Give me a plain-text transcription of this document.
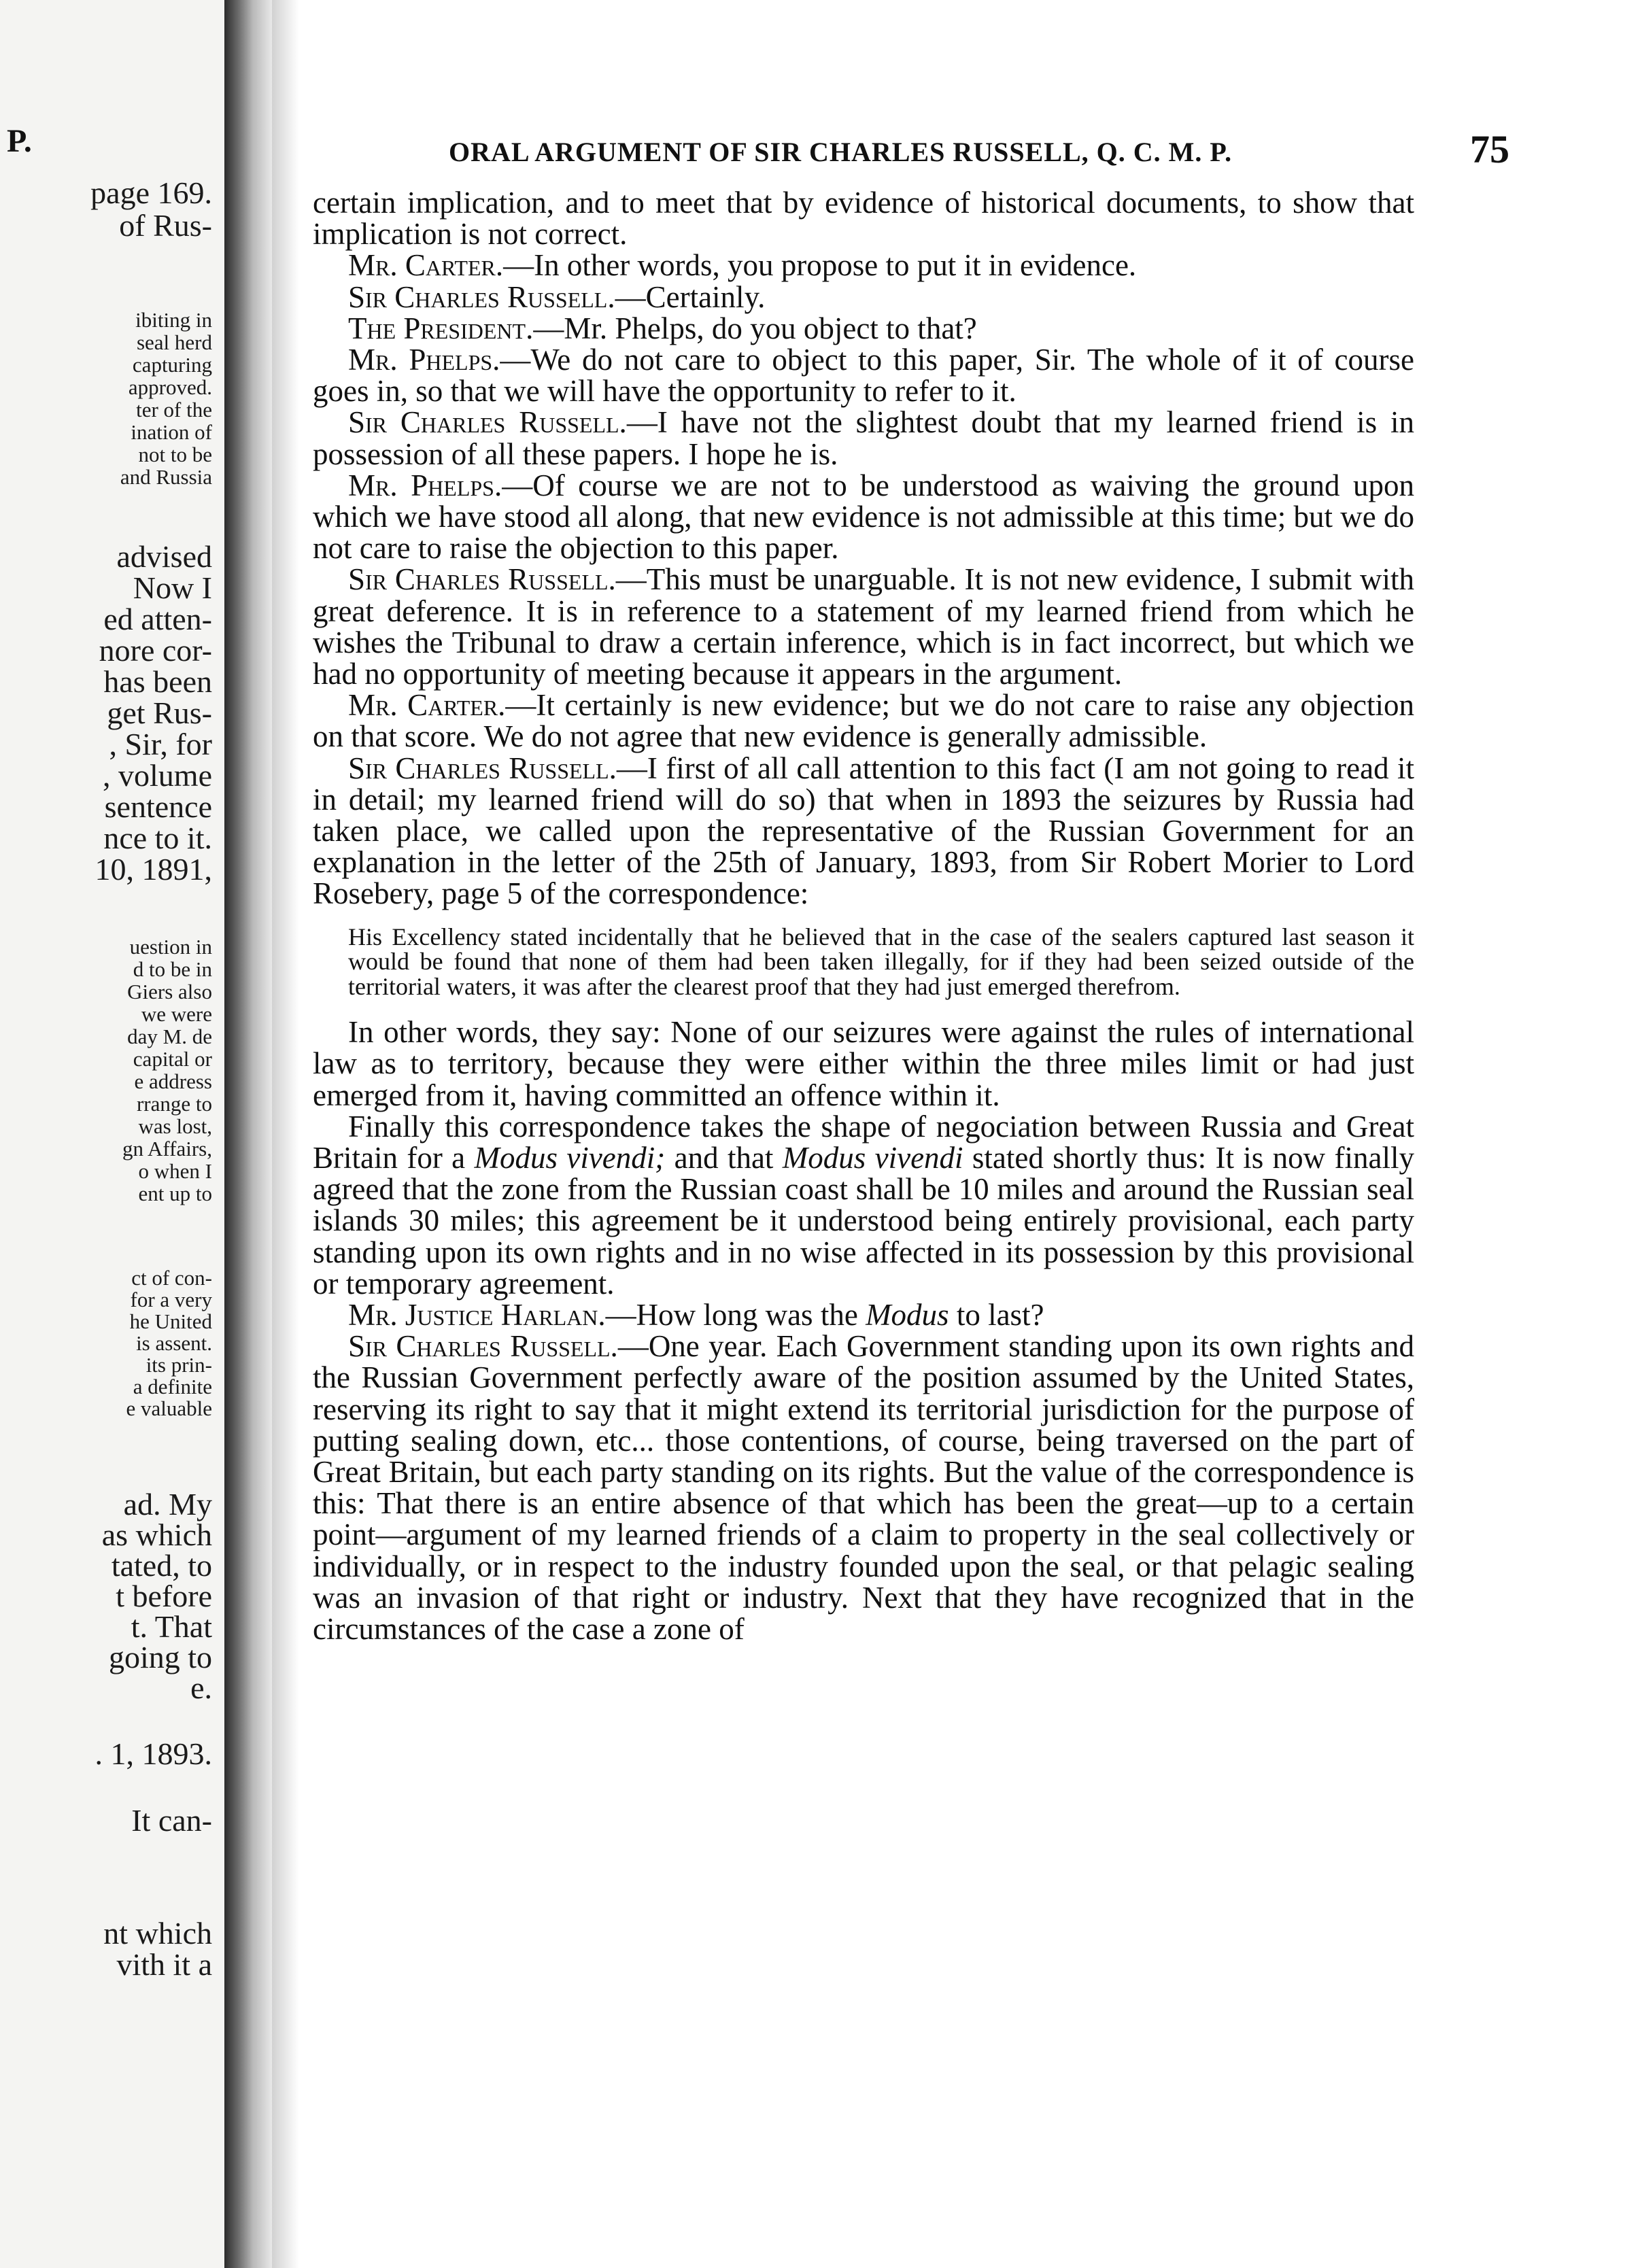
P.
page 169.
of Rus-
ibiting in
seal herd
capturing
approved.
ter of the
ination of
not to be
and Russia
advised
Now I
ed atten-
nore cor-
has been
get Rus-
, Sir, for
, volume
sentence
nce to it.
10, 1891,
uestion in
d to be in
Giers also
we were
day M. de
capital or
e address
rrange to
was lost,
gn Affairs,
o when I
ent up to
ct of con-
for a very
he United
is assent.
its prin-
a definite
e valuable
ad. My
as which
tated, to
t before
t. That
going to
e.
. 1, 1893.
It can-
nt which
vith it a
ORAL ARGUMENT OF SIR CHARLES RUSSELL, Q. C. M. P.	75

certain implication, and to meet that by evidence of historical documents, to show that implication is not correct.

Mr. Carter.—In other words, you propose to put it in evidence.

Sir Charles Russell.—Certainly.

The President.—Mr. Phelps, do you object to that?

Mr. Phelps.—We do not care to object to this paper, Sir. The whole of it of course goes in, so that we will have the opportunity to refer to it.

Sir Charles Russell.—I have not the slightest doubt that my learned friend is in possession of all these papers. I hope he is.

Mr. Phelps.—Of course we are not to be understood as waiving the ground upon which we have stood all along, that new evidence is not admissible at this time; but we do not care to raise the objection to this paper.

Sir Charles Russell.—This must be unarguable. It is not new evidence, I submit with great deference. It is in reference to a statement of my learned friend from which he wishes the Tribunal to draw a certain inference, which is in fact incorrect, but which we had no opportunity of meeting because it appears in the argument.

Mr. Carter.—It certainly is new evidence; but we do not care to raise any objection on that score. We do not agree that new evidence is generally admissible.

Sir Charles Russell.—I first of all call attention to this fact (I am not going to read it in detail; my learned friend will do so) that when in 1893 the seizures by Russia had taken place, we called upon the representative of the Russian Government for an explanation in the letter of the 25th of January, 1893, from Sir Robert Morier to Lord Rosebery, page 5 of the correspondence:

His Excellency stated incidentally that he believed that in the case of the sealers captured last season it would be found that none of them had been taken illegally, for if they had been seized outside of the territorial waters, it was after the clearest proof that they had just emerged therefrom.

In other words, they say: None of our seizures were against the rules of international law as to territory, because they were either within the three miles limit or had just emerged from it, having committed an offence within it.

Finally this correspondence takes the shape of negociation between Russia and Great Britain for a Modus vivendi; and that Modus vivendi stated shortly thus: It is now finally agreed that the zone from the Russian coast shall be 10 miles and around the Russian seal islands 30 miles; this agreement be it understood being entirely provisional, each party standing upon its own rights and in no wise affected in its possession by this provisional or temporary agreement.

Mr. Justice Harlan.—How long was the Modus to last?

Sir Charles Russell.—One year. Each Government standing upon its own rights and the Russian Government perfectly aware of the position assumed by the United States, reserving its right to say that it might extend its territorial jurisdiction for the purpose of putting sealing down, etc... those contentions, of course, being traversed on the part of Great Britain, but each party standing on its rights. But the value of the correspondence is this: That there is an entire absence of that which has been the great—up to a certain point—argument of my learned friends of a claim to property in the seal collectively or individually, or in respect to the industry founded upon the seal, or that pelagic sealing was an invasion of that right or industry. Next that they have recognized that in the circumstances of the case a zone of
